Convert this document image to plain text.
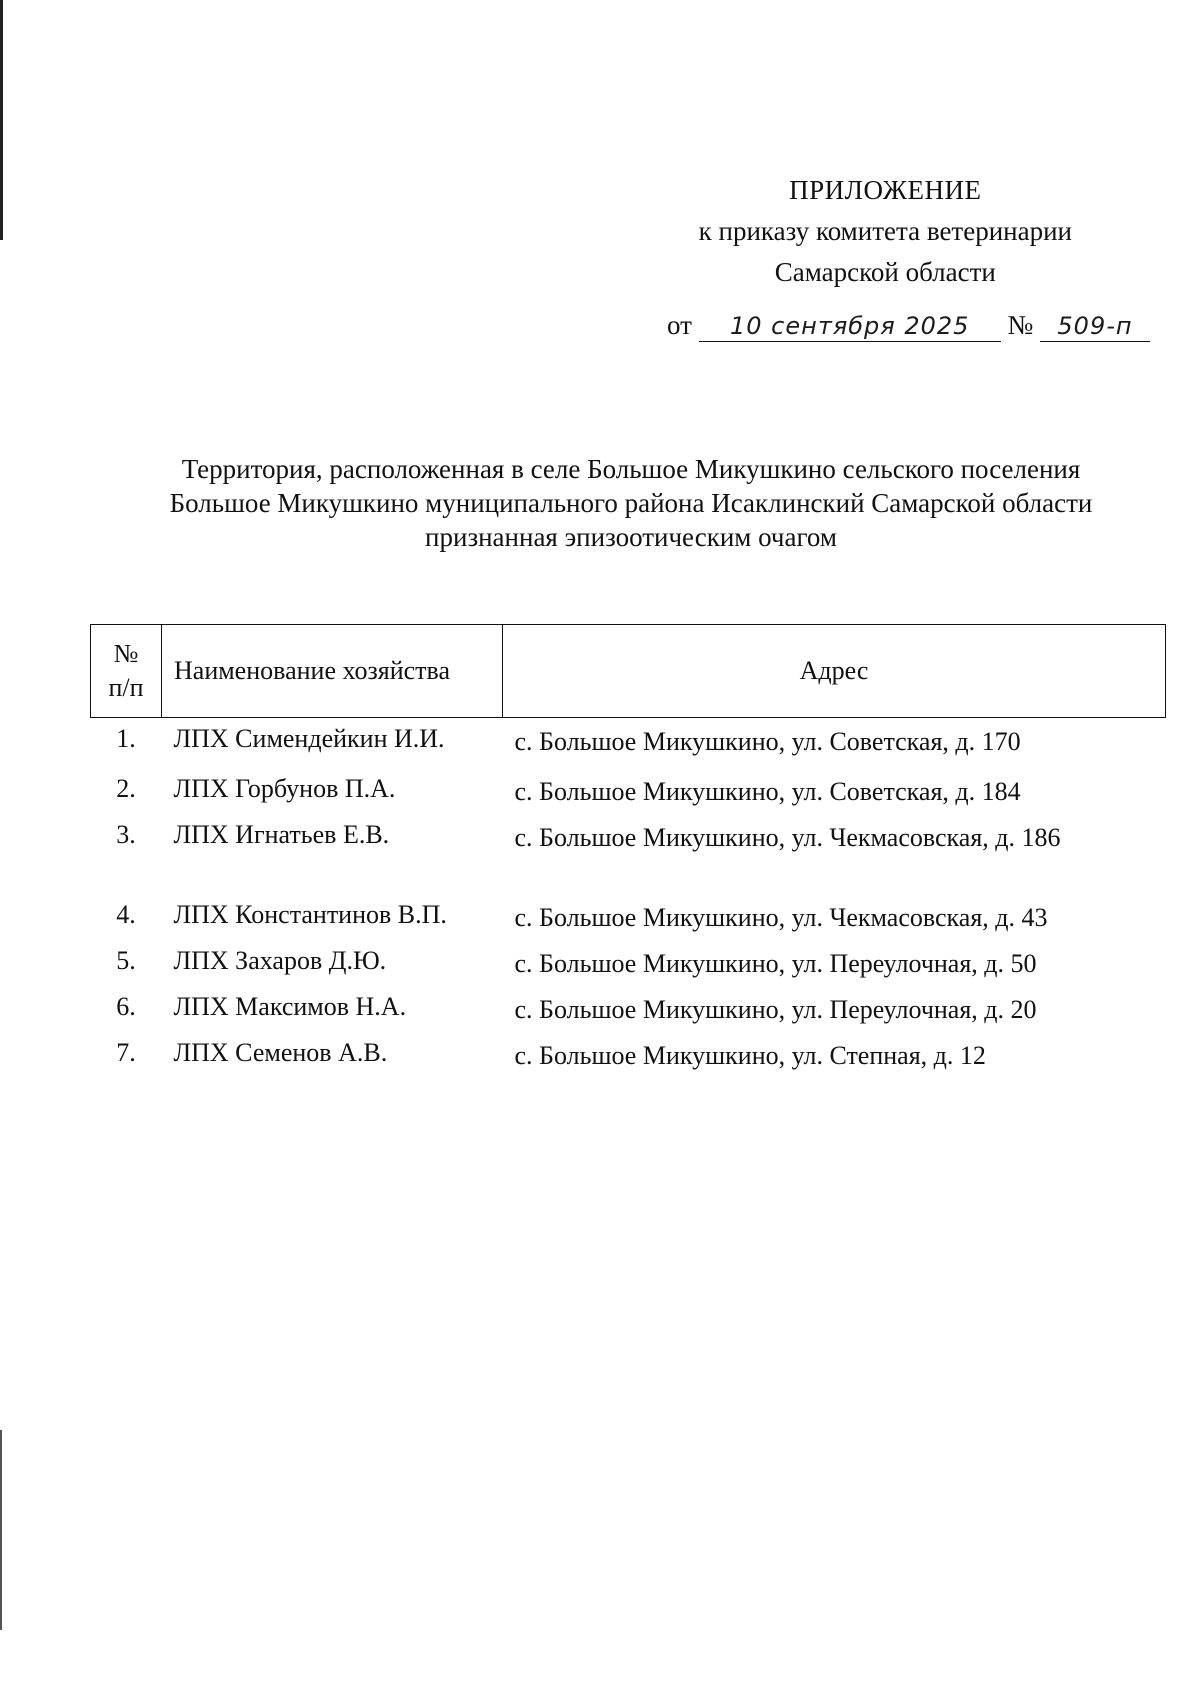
ПРИЛОЖЕНИЕ
к приказу комитета ветеринарии
Самарской области
от 10 сентября 2025 № 509-п
Территория, расположенная в селе Большое Микушкино сельского поселения
Большое Микушкино муниципального района Исаклинский Самарской области
признанная эпизоотическим очагом
№
п/п	Наименование хозяйства	Адрес
1.	ЛПХ Симендейкин И.И.	с. Большое Микушкино, ул. Советская, д. 170
2.	ЛПХ Горбунов П.А.	с. Большое Микушкино, ул. Советская, д. 184
3.	ЛПХ Игнатьев Е.В.	с. Большое Микушкино, ул. Чекмасовская, д. 186
4.	ЛПХ Константинов В.П.	с. Большое Микушкино, ул. Чекмасовская, д. 43
5.	ЛПХ Захаров Д.Ю.	с. Большое Микушкино, ул. Переулочная, д. 50
6.	ЛПХ Максимов Н.А.	с. Большое Микушкино, ул. Переулочная, д. 20
7.	ЛПХ Семенов А.В.	с. Большое Микушкино, ул. Степная, д. 12
